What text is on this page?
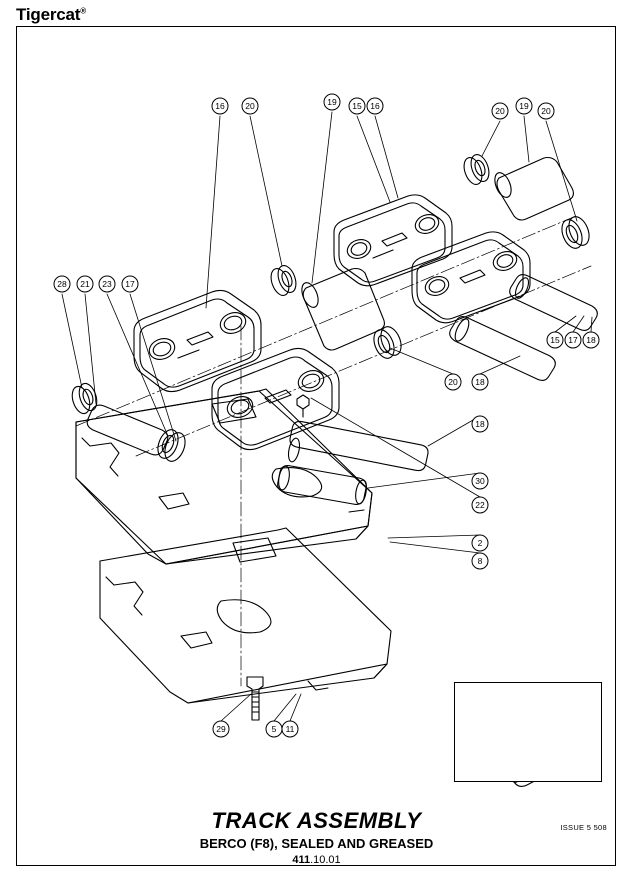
Tigercat®
16 20	19 15 16	20 19 20
28 21 23 17
15 17 18
20 18
18
30
22
2
8
29	5 11
ISSUE 5 508
TRACK ASSEMBLY
BERCO (F8), SEALED AND GREASED
411.10.01
